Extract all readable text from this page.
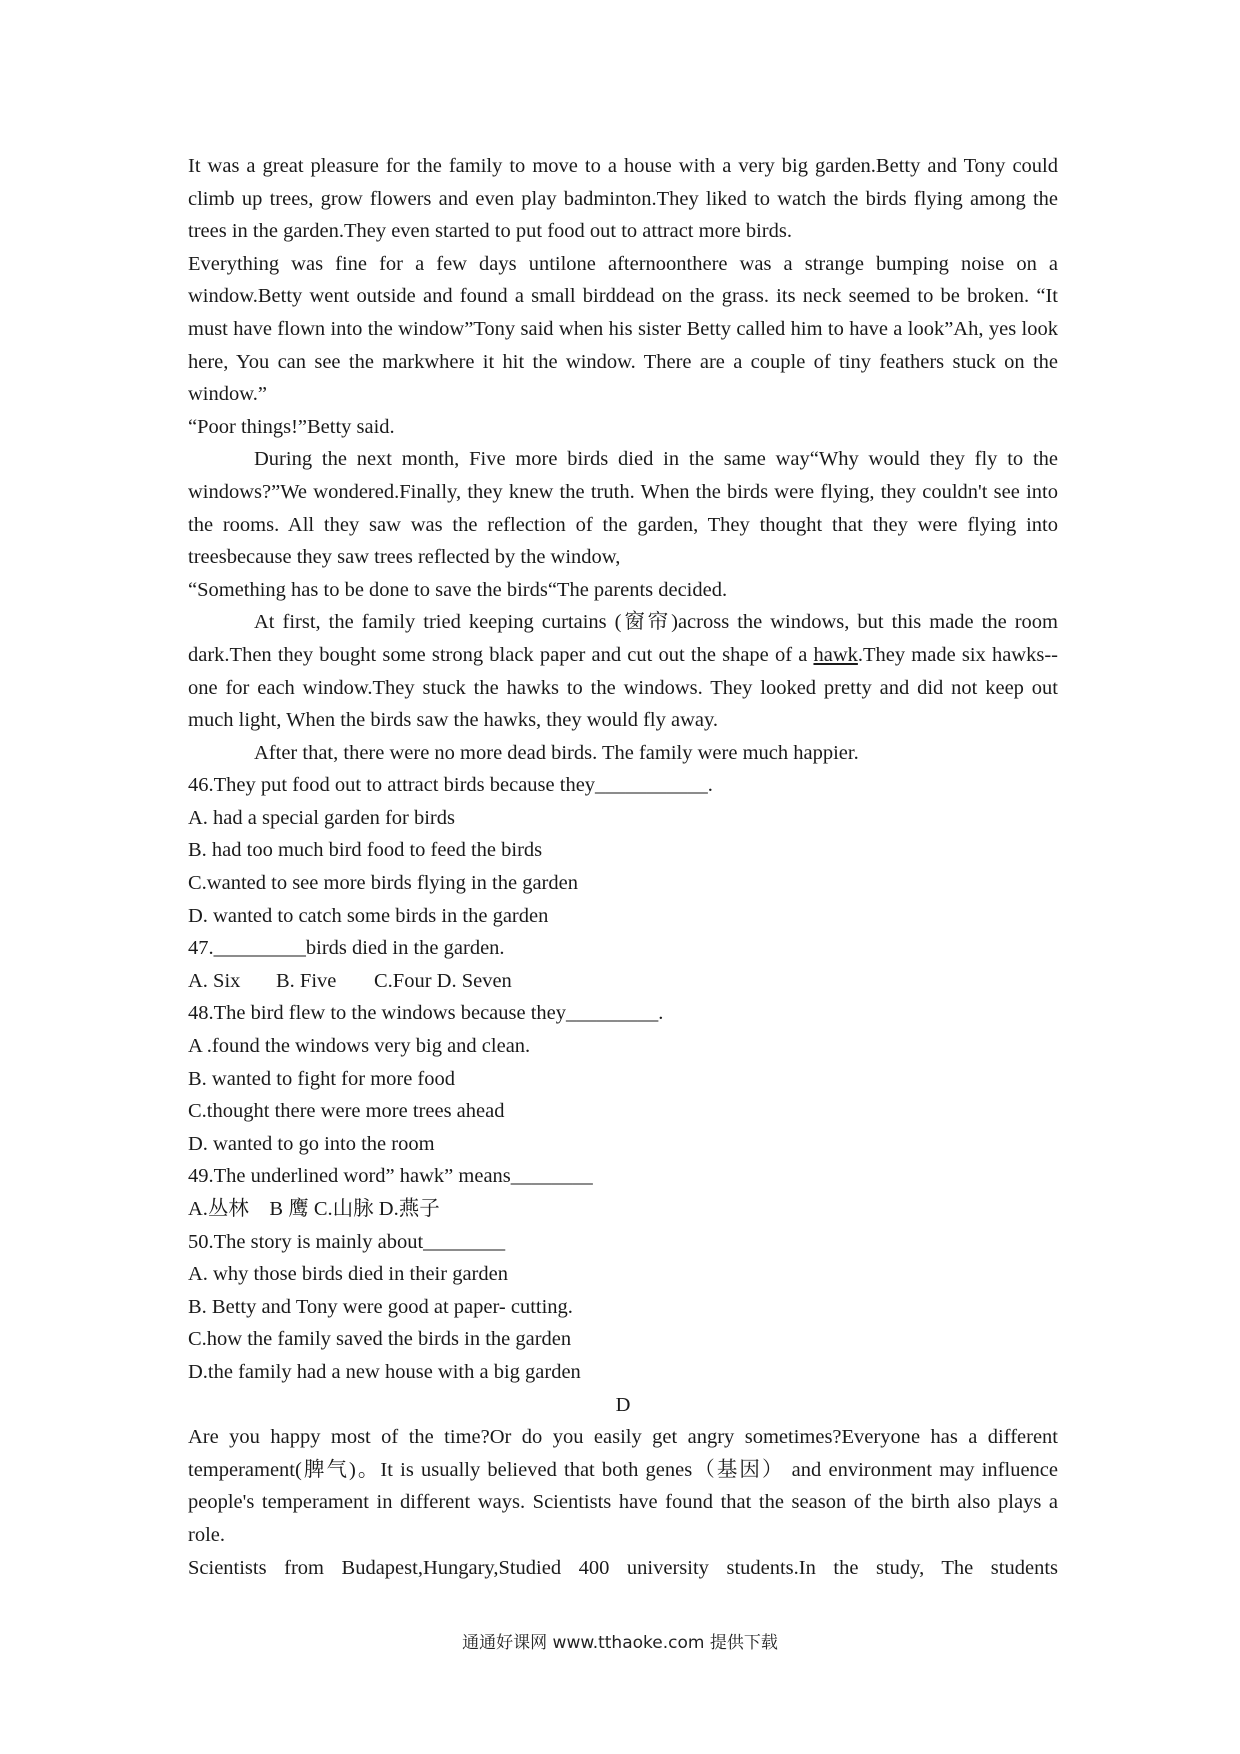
It was a great pleasure for the family to move to a house with a very big garden.Betty and Tony could climb up trees, grow flowers and even play badminton.They liked to watch the birds flying among the trees in the garden.They even started to put food out to attract more birds.

Everything was fine for a few days untilone afternoonthere was a strange bumping noise on a window.Betty went outside and found a small birddead on the grass. its neck seemed to be broken. “It must have flown into the window”Tony said when his sister Betty called him to have a look”Ah, yes look here, You can see the markwhere it hit the window. There are a couple of tiny feathers stuck on the window.”

“Poor things!”Betty said.

During the next month, Five more birds died in the same way“Why would they fly to the windows?”We wondered.Finally, they knew the truth. When the birds were flying, they couldn't see into the rooms. All they saw was the reflection of the garden, They thought that they were flying into treesbecause they saw trees reflected by the window,

“Something has to be done to save the birds“The parents decided.

At first, the family tried keeping curtains (窗帘)across the windows, but this made the room dark.Then they bought some strong black paper and cut out the shape of a hawk.They made six hawks--one for each window.They stuck the hawks to the windows. They looked pretty and did not keep out much light, When the birds saw the hawks, they would fly away.

After that, there were no more dead birds. The family were much happier.

46.They put food out to attract birds because they___________.

A. had a special garden for birds

B. had too much bird food to feed the birds

C.wanted to see more birds flying in the garden

D. wanted to catch some birds in the garden

47._________birds died in the garden.

A. Six B. Five C.Four D. Seven

48.The bird flew to the windows because they_________.

A .found the windows very big and clean.

B. wanted to fight for more food

C.thought there were more trees ahead

D. wanted to go into the room

49.The underlined word” hawk” means________

A.丛林　B 鹰 C.山脉 D.燕子

50.The story is mainly about________

A. why those birds died in their garden

B. Betty and Tony were good at paper- cutting.

C.how the family saved the birds in the garden

D.the family had a new house with a big garden

D

Are you happy most of the time?Or do you easily get angry sometimes?Everyone has a different temperament(脾气)。It is usually believed that both genes（基因） and environment may influence people's temperament in different ways. Scientists have found that the season of the birth also plays a role.

Scientists from Budapest,Hungary,Studied 400 university students.In the study, The students

通通好课网 www.tthaoke.com 提供下载
